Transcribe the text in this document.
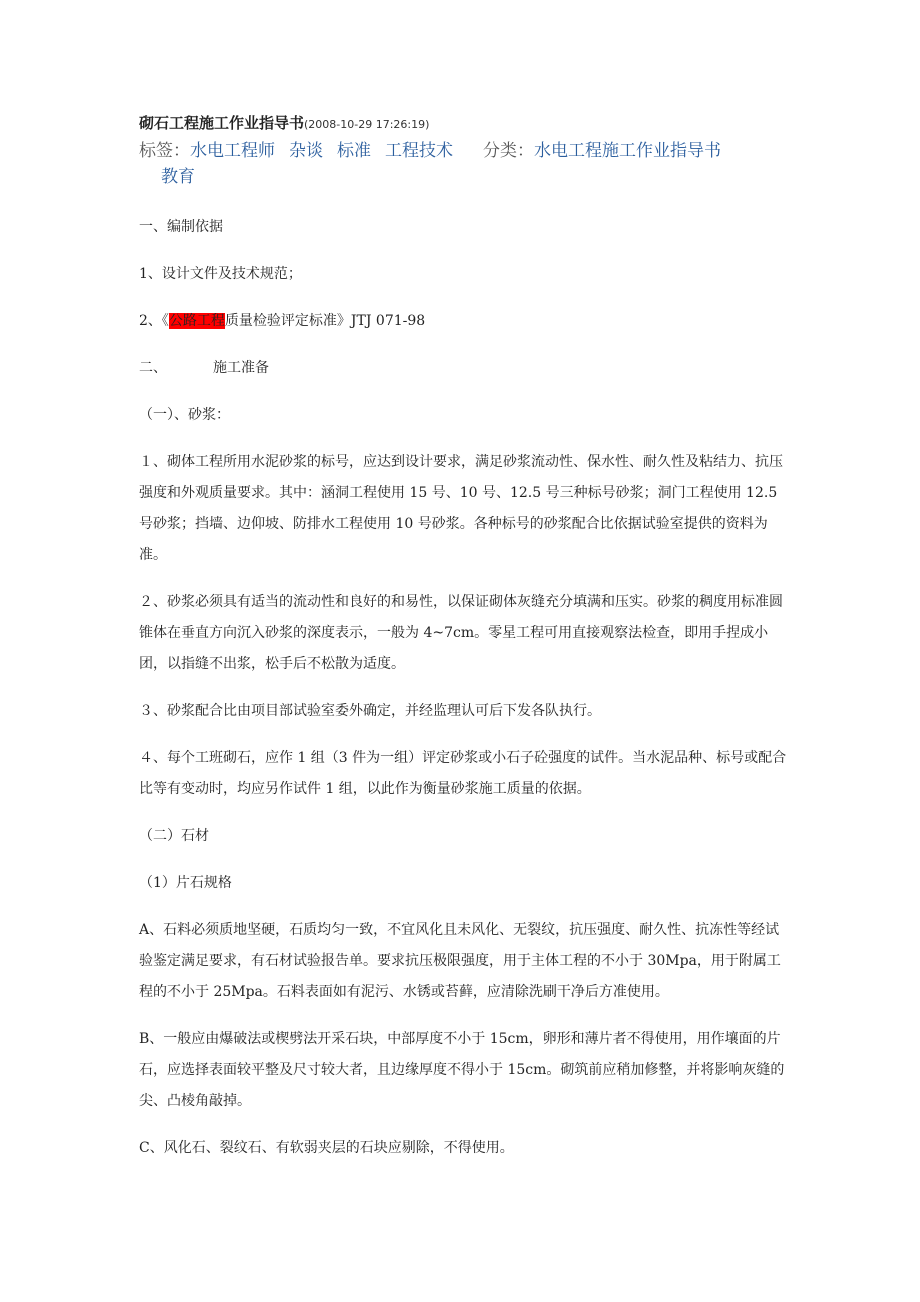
砌石工程施工作业指导书(2008-10-29 17:26:19)
标签：水电工程师 杂谈 标准 工程技术 分类：水电工程施工作业指导书
教育

一、编制依据

1、设计文件及技术规范；

2、《公路工程质量检验评定标准》JTJ 071-98

二、	施工准备

（一）、砂浆：

１、砌体工程所用水泥砂浆的标号，应达到设计要求，满足砂浆流动性、保水性、耐久性及粘结力、抗压强度和外观质量要求。其中：涵洞工程使用 15 号、10 号、12.5 号三种标号砂浆；洞门工程使用 12.5 号砂浆；挡墙、边仰坡、防排水工程使用 10 号砂浆。各种标号的砂浆配合比依据试验室提供的资料为准。

２、砂浆必须具有适当的流动性和良好的和易性，以保证砌体灰缝充分填满和压实。砂浆的稠度用标准圆锥体在垂直方向沉入砂浆的深度表示，一般为 4~7cm。零星工程可用直接观察法检查，即用手捏成小团，以指缝不出浆，松手后不松散为适度。

３、砂浆配合比由项目部试验室委外确定，并经监理认可后下发各队执行。

４、每个工班砌石，应作 1 组（3 件为一组）评定砂浆或小石子砼强度的试件。当水泥品种、标号或配合比等有变动时，均应另作试件 1 组，以此作为衡量砂浆施工质量的依据。

（二）石材

（1）片石规格

A、石料必须质地坚硬，石质均匀一致，不宜风化且未风化、无裂纹，抗压强度、耐久性、抗冻性等经试验鉴定满足要求，有石材试验报告单。要求抗压极限强度，用于主体工程的不小于 30Mpa，用于附属工程的不小于 25Mpa。石料表面如有泥污、水锈或苔藓，应清除洗刷干净后方准使用。

B、一般应由爆破法或楔劈法开采石块，中部厚度不小于 15cm，卵形和薄片者不得使用，用作壤面的片石，应选择表面较平整及尺寸较大者，且边缘厚度不得小于 15cm。砌筑前应稍加修整，并将影响灰缝的尖、凸棱角敲掉。

C、风化石、裂纹石、有软弱夹层的石块应剔除，不得使用。
